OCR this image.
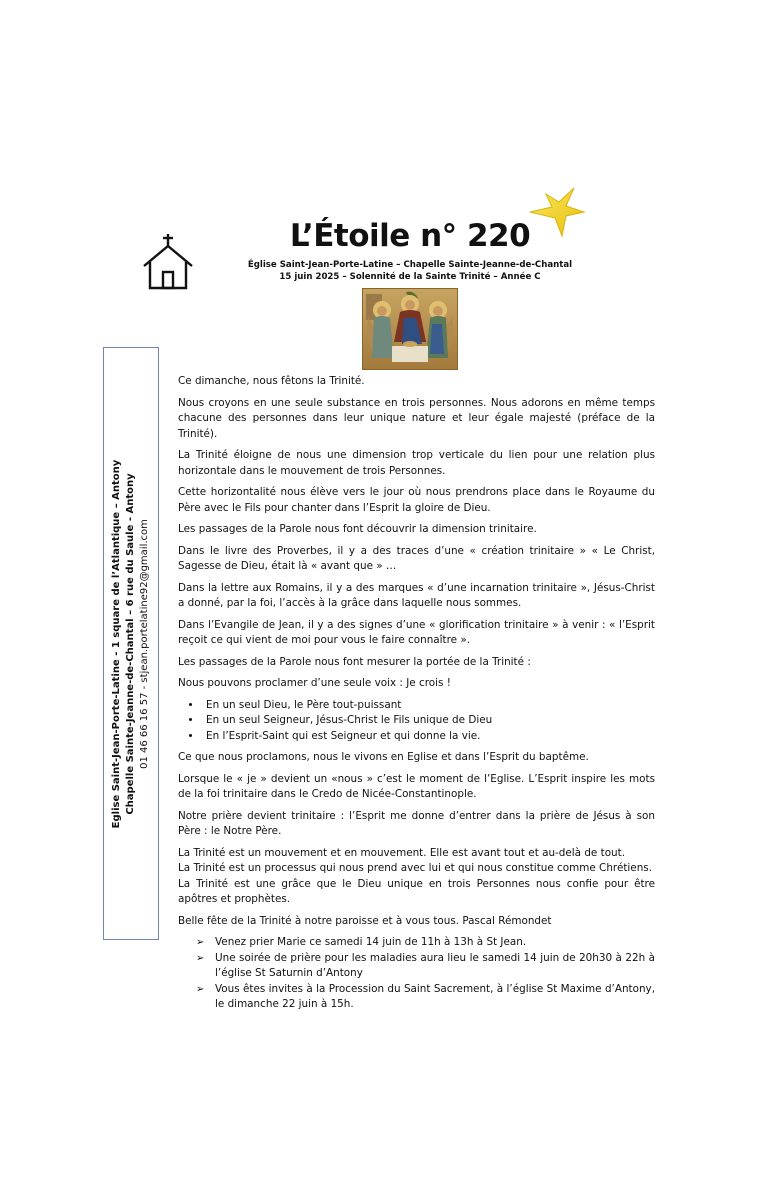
L’Étoile n° 220
Église Saint-Jean-Porte-Latine – Chapelle Sainte-Jeanne-de-Chantal
15 juin 2025 – Solennité de la Sainte Trinité – Année C
Eglise Saint-Jean-Porte-Latine - 1 square de l’Atlantique – Antony Chapelle Sainte-Jeanne-de-Chantal – 6 rue du Saule - Antony 01 46 66 16 57 - stjean.portelatine92@gmail.com

Ce dimanche, nous fêtons la Trinité.

Nous croyons en une seule substance en trois personnes. Nous adorons en même temps chacune des personnes dans leur unique nature et leur égale majesté (préface de la Trinité).

La Trinité éloigne de nous une dimension trop verticale du lien pour une relation plus horizontale dans le mouvement de trois Personnes.

Cette horizontalité nous élève vers le jour où nous prendrons place dans le Royaume du Père avec le Fils pour chanter dans l’Esprit la gloire de Dieu.

Les passages de la Parole nous font découvrir la dimension trinitaire.

Dans le livre des Proverbes, il y a des traces d’une « création trinitaire » « Le Christ, Sagesse de Dieu, était là « avant que » …

Dans la lettre aux Romains, il y a des marques « d’une incarnation trinitaire », Jésus-Christ a donné, par la foi, l’accès à la grâce dans laquelle nous sommes.

Dans l’Evangile de Jean, il y a des signes d’une « glorification trinitaire » à venir : « l’Esprit reçoit ce qui vient de moi pour vous le faire connaître ».

Les passages de la Parole nous font mesurer la portée de la Trinité :

Nous pouvons proclamer d’une seule voix : Je crois !

• En un seul Dieu, le Père tout-puissant
• En un seul Seigneur, Jésus-Christ le Fils unique de Dieu
• En l’Esprit-Saint qui est Seigneur et qui donne la vie.

Ce que nous proclamons, nous le vivons en Eglise et dans l’Esprit du baptême.

Lorsque le « je » devient un «nous » c’est le moment de l’Eglise. L’Esprit inspire les mots de la foi trinitaire dans le Credo de Nicée-Constantinople.

Notre prière devient trinitaire : l’Esprit me donne d’entrer dans la prière de Jésus à son Père : le Notre Père.

La Trinité est un mouvement et en mouvement. Elle est avant tout et au-delà de tout.

La Trinité est un processus qui nous prend avec lui et qui nous constitue comme Chrétiens.

La Trinité est une grâce que le Dieu unique en trois Personnes nous confie pour être apôtres et prophètes.

Belle fête de la Trinité à notre paroisse et à vous tous. Pascal Rémondet

➢ Venez prier Marie ce samedi 14 juin de 11h à 13h à St Jean.
➢ Une soirée de prière pour les maladies aura lieu le samedi 14 juin de 20h30 à 22h à l’église St Saturnin d’Antony
➢ Vous êtes invites à la Procession du Saint Sacrement, à l’église St Maxime d’Antony, le dimanche 22 juin à 15h.
